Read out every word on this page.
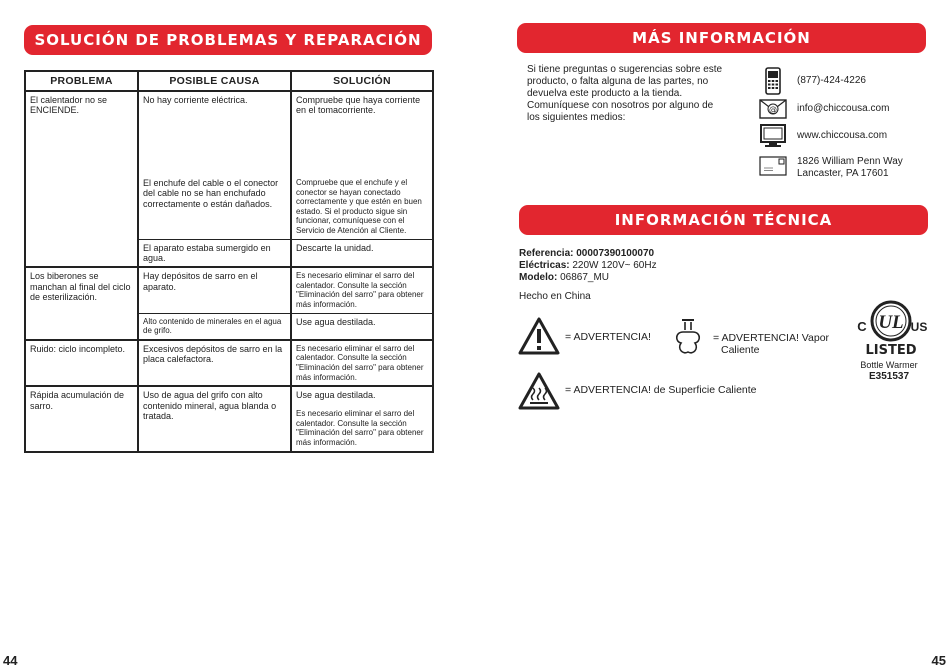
SOLUCIÓN DE PROBLEMAS Y REPARACIÓN
PROBLEMA	POSIBLE CAUSA	SOLUCIÓN
El calentador no se ENCIENDE.	No hay corriente eléctrica.	Compruebe que haya corriente en el tomacorriente.
	El enchufe del cable o el conector del cable no se han enchufado correctamente o están dañados.	Compruebe que el enchufe y el conector se hayan conectado correctamente y que estén en buen estado. Si el producto sigue sin funcionar, comuníquese con el Servicio de Atención al Cliente.
	El aparato estaba sumergido en agua.	Descarte la unidad.
Los biberones se manchan al final del ciclo de esterilización.	Hay depósitos de sarro en el aparato.	Es necesario eliminar el sarro del calentador. Consulte la sección "Eliminación del sarro" para obtener más información.
	Alto contenido de minerales en el agua de grifo.	Use agua destilada.
Ruido: ciclo incompleto.	Excesivos depósitos de sarro en la placa calefactora.	Es necesario eliminar el sarro del calentador. Consulte la sección "Eliminación del sarro" para obtener más información.
Rápida acumulación de sarro.	Uso de agua del grifo con alto contenido mineral, agua blanda o tratada.	Use agua destilada.
		Es necesario eliminar el sarro del calentador. Consulte la sección "Eliminación del sarro" para obtener más información.
44
MÁS INFORMACIÓN
Si tiene preguntas o sugerencias sobre este producto, o falta alguna de las partes, no devuelva este producto a la tienda. Comuníquese con nosotros por alguno de los siguientes medios:
(877)-424-4226
@ info@chiccousa.com
www.chiccousa.com
1826 William Penn Way
Lancaster, PA 17601
INFORMACIÓN TÉCNICA
Referencia: 00007390100070
Eléctricas: 220W 120V~ 60Hz
Modelo: 06867_MU
Hecho en China
= ADVERTENCIA!	= ADVERTENCIA! Vapor
Caliente
= ADVERTENCIA! de Superficie Caliente
UL
C	US
LISTED
Bottle Warmer
E351537
45
